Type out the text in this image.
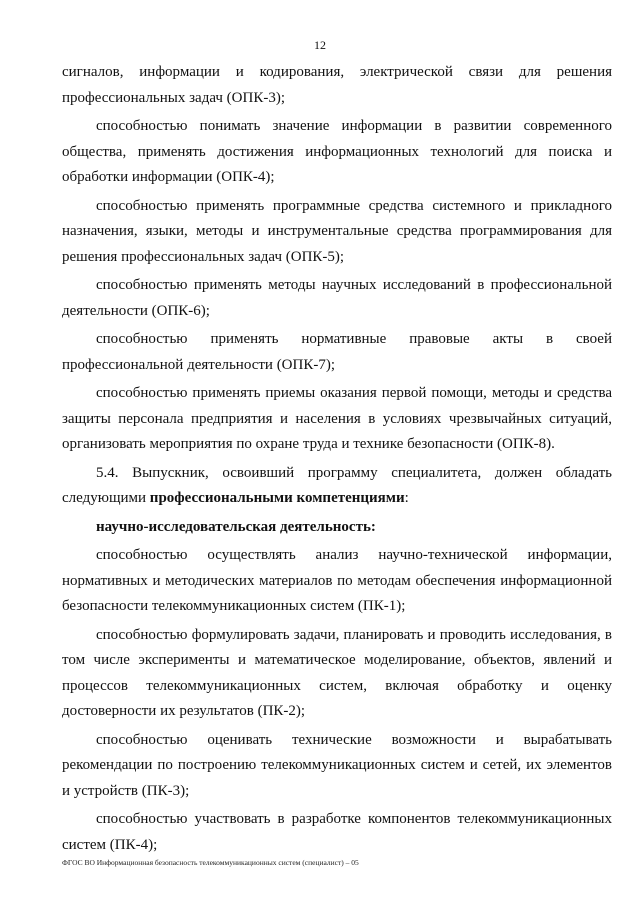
12

сигналов, информации и кодирования, электрической связи для решения профессиональных задач (ОПК-3);

способностью понимать значение информации в развитии современного общества, применять достижения информационных технологий для поиска и обработки информации (ОПК-4);

способностью применять программные средства системного и прикладного назначения, языки, методы и инструментальные средства программирования для решения профессиональных задач (ОПК-5);

способностью применять методы научных исследований в профессиональной деятельности (ОПК-6);

способностью применять нормативные правовые акты в своей профессиональной деятельности (ОПК-7);

способностью применять приемы оказания первой помощи, методы и средства защиты персонала предприятия и населения в условиях чрезвычайных ситуаций, организовать мероприятия по охране труда и технике безопасности (ОПК-8).

5.4. Выпускник, освоивший программу специалитета, должен обладать следующими профессиональными компетенциями:

научно-исследовательская деятельность:

способностью осуществлять анализ научно-технической информации, нормативных и методических материалов по методам обеспечения информационной безопасности телекоммуникационных систем (ПК-1);

способностью формулировать задачи, планировать и проводить исследования, в том числе эксперименты и математическое моделирование, объектов, явлений и процессов телекоммуникационных систем, включая обработку и оценку достоверности их результатов (ПК-2);

способностью оценивать технические возможности и вырабатывать рекомендации по построению телекоммуникационных систем и сетей, их элементов и устройств (ПК-3);

способностью участвовать в разработке компонентов телекоммуникационных систем (ПК-4);

ФГОС ВО Информационная безопасность телекоммуникационных систем (специалист) – 05
